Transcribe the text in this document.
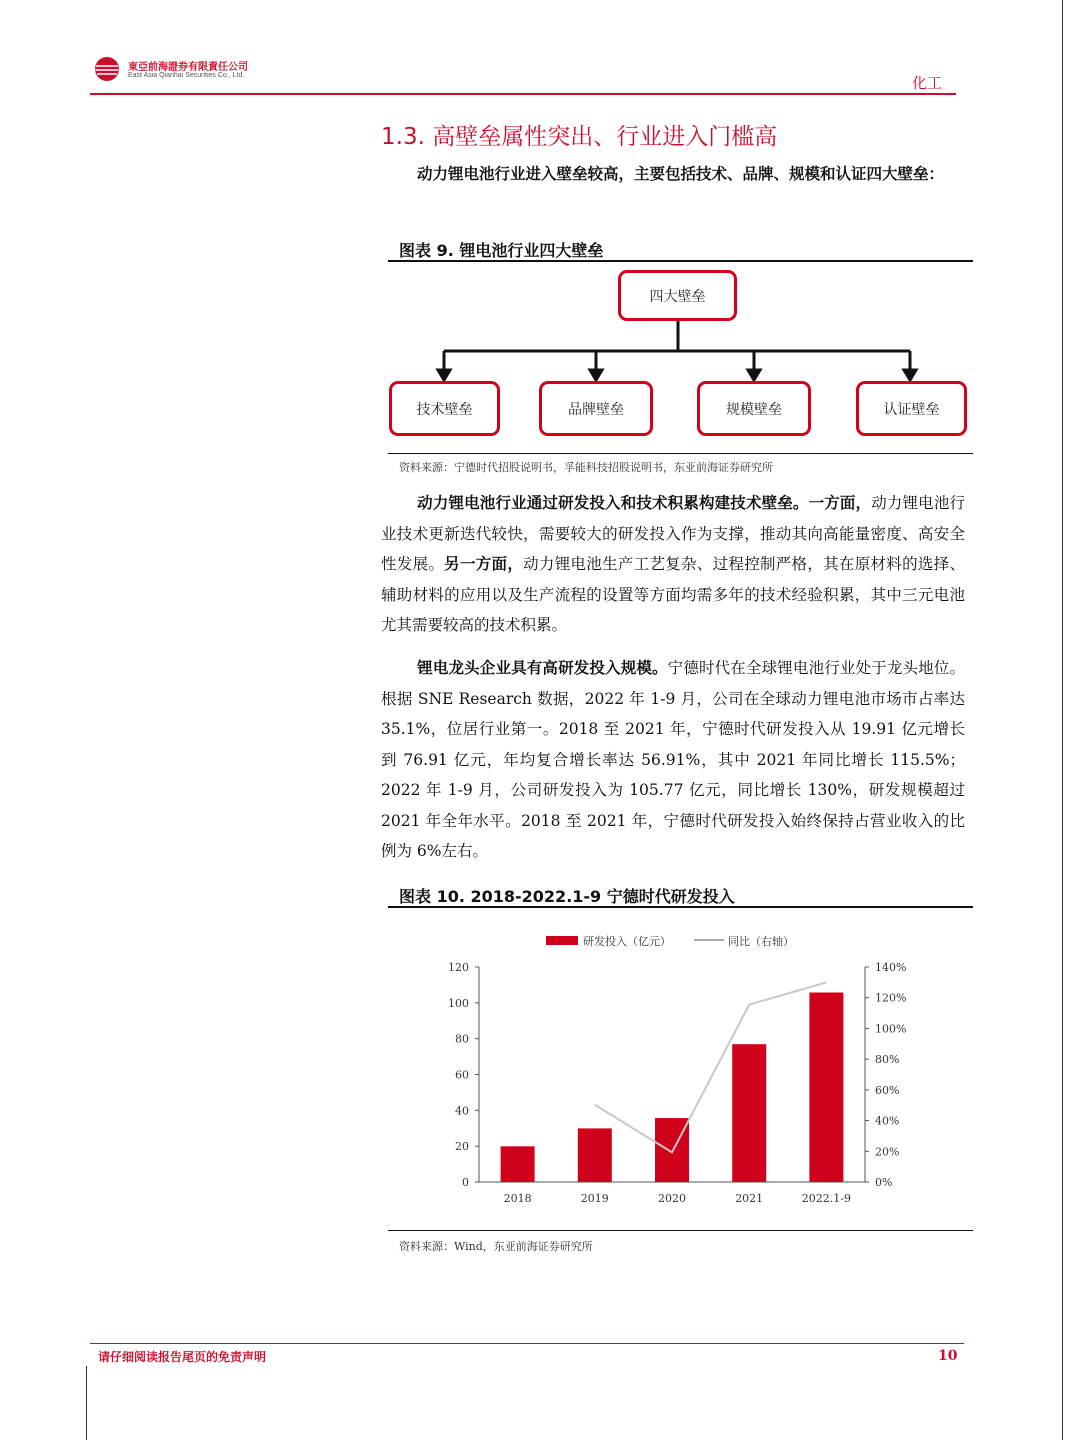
東亞前海證券有限責任公司
East Asia Qianhai Securities Co., Ltd.	化工
1.3. 高壁垒属性突出、行业进入门槛高
动力锂电池行业进入壁垒较高，主要包括技术、品牌、规模和认证四大壁垒：
图表 9. 锂电池行业四大壁垒
四大壁垒
技术壁垒	品牌壁垒	规模壁垒	认证壁垒
资料来源：宁德时代招股说明书，孚能科技招股说明书，东亚前海证券研究所
动力锂电池行业通过研发投入和技术积累构建技术壁垒。一方面，动力锂电池行业技术更新迭代较快，需要较大的研发投入作为支撑，推动其向高能量密度、高安全性发展。另一方面，动力锂电池生产工艺复杂、过程控制严格，其在原材料的选择、辅助材料的应用以及生产流程的设置等方面均需多年的技术经验积累，其中三元电池尤其需要较高的技术积累。
锂电龙头企业具有高研发投入规模。宁德时代在全球锂电池行业处于龙头地位。根据 SNE Research 数据，2022 年 1-9 月，公司在全球动力锂电池市场市占率达 35.1%，位居行业第一。2018 至 2021 年，宁德时代研发投入从 19.91 亿元增长到 76.91 亿元，年均复合增长率达 56.91%，其中 2021 年同比增长 115.5%；2022 年 1-9 月，公司研发投入为 105.77 亿元，同比增长 130%，研发规模超过 2021 年全年水平。2018 至 2021 年，宁德时代研发投入始终保持占营业收入的比例为 6%左右。
图表 10. 2018-2022.1-9 宁德时代研发投入
研发投入（亿元）	同比（右轴）
0
20
40
60
80
100
120
0%
20%
40%
60%
80%
100%
120%
140%
2018	2019	2020	2021	2022.1-9
资料来源：Wind，东亚前海证券研究所
请仔细阅读报告尾页的免责声明	10
